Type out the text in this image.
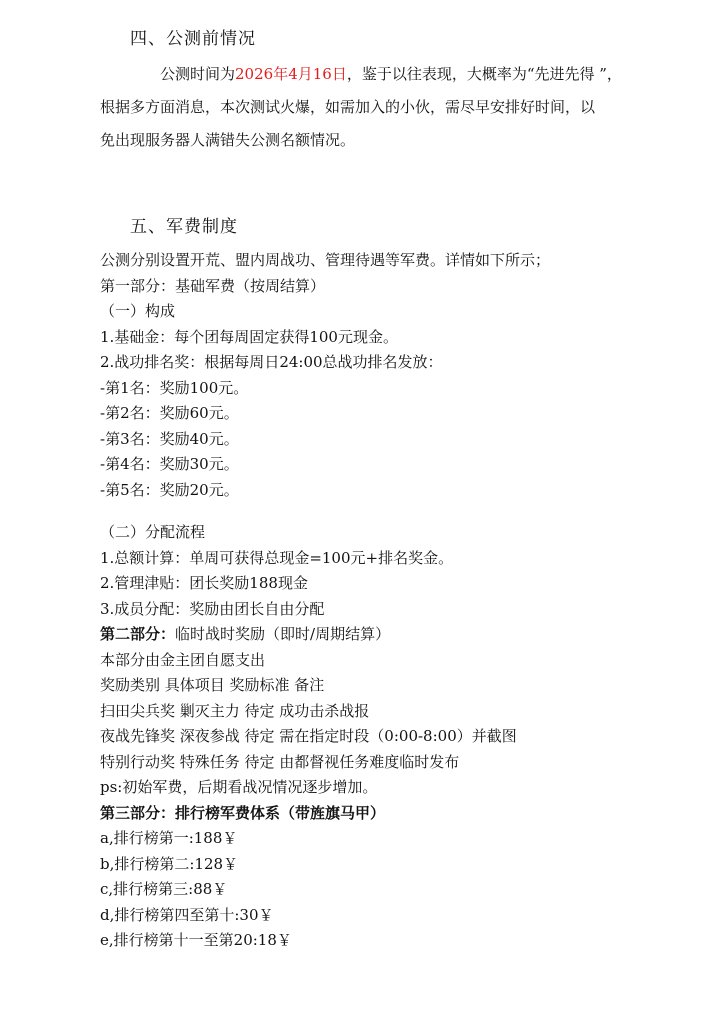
四、公测前情况
公测时间为2026年4月16日，鉴于以往表现，大概率为“先进先得 ”，
根据多方面消息，本次测试火爆，如需加入的小伙，需尽早安排好时间，以
免出现服务器人满错失公测名额情况。
五、军费制度
公测分别设置开荒、盟内周战功、管理待遇等军费。详情如下所示；
第一部分：基础军费（按周结算）
（一）构成
1.基础金：每个团每周固定获得100元现金。
2.战功排名奖：根据每周日24:00总战功排名发放：
-第1名：奖励100元。
-第2名：奖励60元。
-第3名：奖励40元。
-第4名：奖励30元。
-第5名：奖励20元。
（二）分配流程
1.总额计算：单周可获得总现金=100元+排名奖金。
2.管理津贴：团长奖励188现金
3.成员分配：奖励由团长自由分配
第二部分：临时战时奖励（即时/周期结算）
本部分由金主团自愿支出
奖励类别 具体项目 奖励标准 备注
扫田尖兵奖 剿灭主力 待定 成功击杀战报
夜战先锋奖 深夜参战 待定 需在指定时段（0:00-8:00）并截图
特别行动奖 特殊任务 待定 由都督视任务难度临时发布
ps:初始军费，后期看战况情况逐步增加。
第三部分：排行榜军费体系（带旌旗马甲）
a,排行榜第一:188￥
b,排行榜第二:128￥
c,排行榜第三:88￥
d,排行榜第四至第十:30￥
e,排行榜第十一至第20:18￥
